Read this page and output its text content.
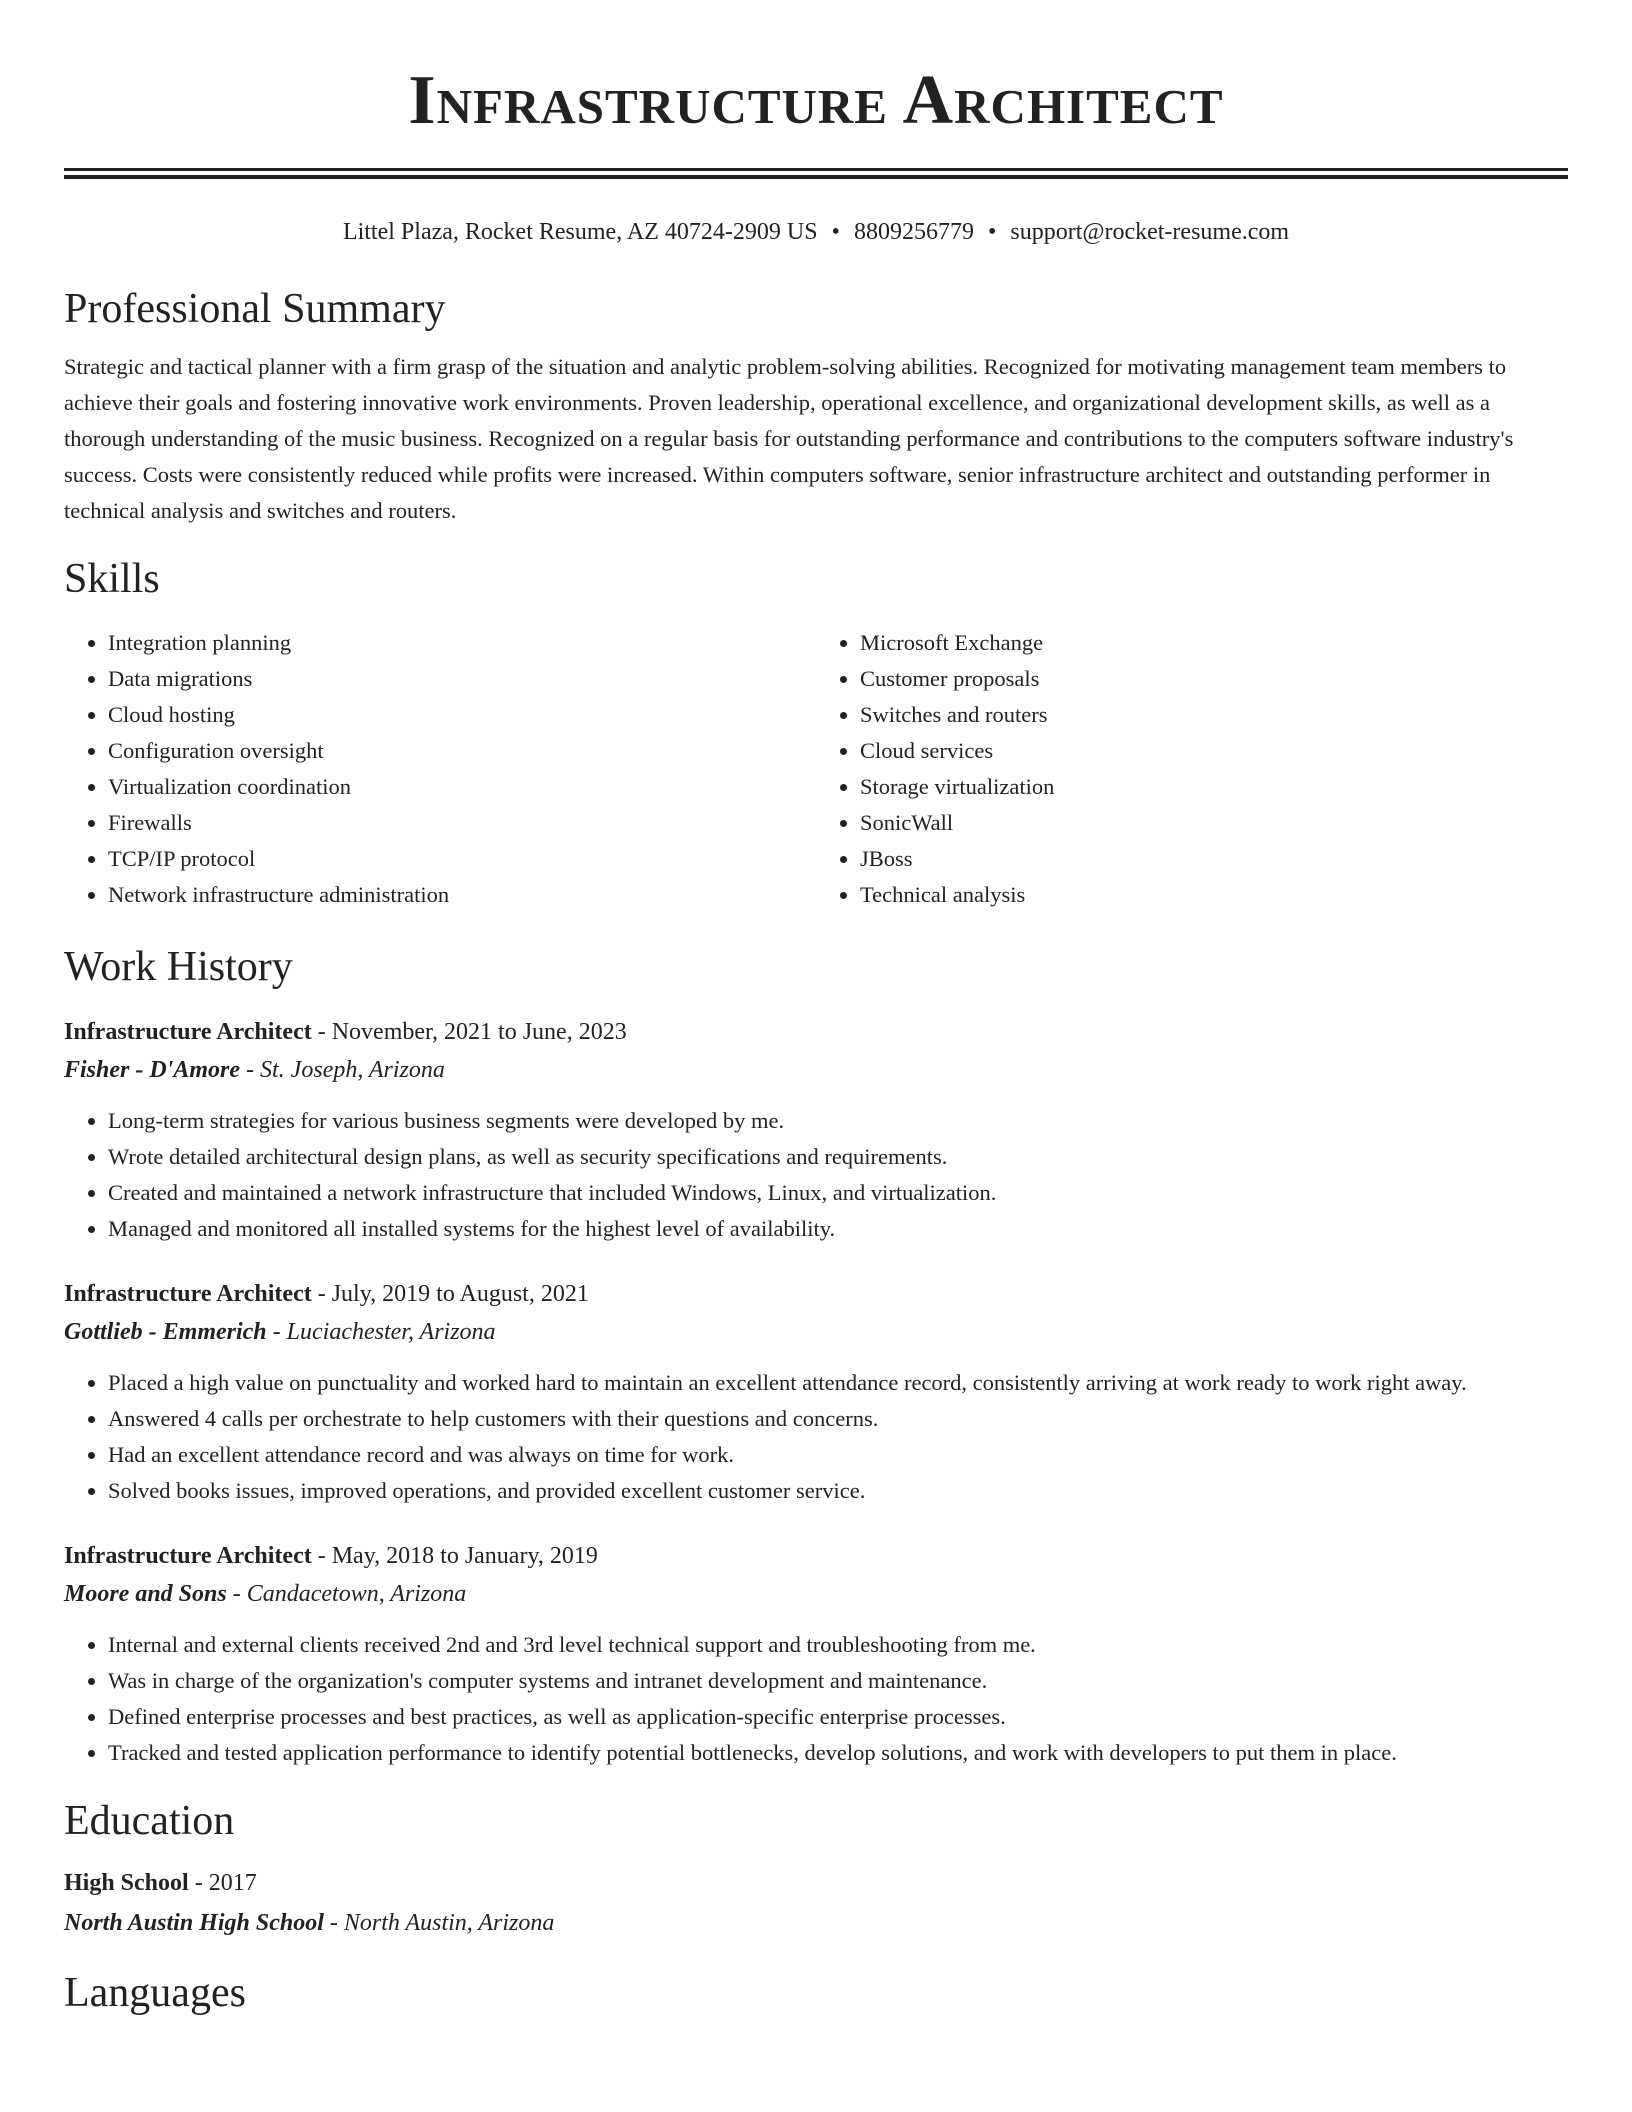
Infrastructure Architect
Littel Plaza, Rocket Resume, AZ 40724-2909 US • 8809256779 • support@rocket-resume.com
Professional Summary

Strategic and tactical planner with a firm grasp of the situation and analytic problem-solving abilities. Recognized for motivating management team members to achieve their goals and fostering innovative work environments. Proven leadership, operational excellence, and organizational development skills, as well as a thorough understanding of the music business. Recognized on a regular basis for outstanding performance and contributions to the computers software industry's success. Costs were consistently reduced while profits were increased. Within computers software, senior infrastructure architect and outstanding performer in technical analysis and switches and routers.

Skills
• Integration planning
• Data migrations
• Cloud hosting
• Configuration oversight
• Virtualization coordination
• Firewalls
• TCP/IP protocol
• Network infrastructure administration
• Microsoft Exchange
• Customer proposals
• Switches and routers
• Cloud services
• Storage virtualization
• SonicWall
• JBoss
• Technical analysis
Work History
Infrastructure Architect - November, 2021 to June, 2023
Fisher - D'Amore - St. Joseph, Arizona
• Long-term strategies for various business segments were developed by me.
• Wrote detailed architectural design plans, as well as security specifications and requirements.
• Created and maintained a network infrastructure that included Windows, Linux, and virtualization.
• Managed and monitored all installed systems for the highest level of availability.
Infrastructure Architect - July, 2019 to August, 2021
Gottlieb - Emmerich - Luciachester, Arizona
• Placed a high value on punctuality and worked hard to maintain an excellent attendance record, consistently arriving at work ready to work right away.
• Answered 4 calls per orchestrate to help customers with their questions and concerns.
• Had an excellent attendance record and was always on time for work.
• Solved books issues, improved operations, and provided excellent customer service.
Infrastructure Architect - May, 2018 to January, 2019
Moore and Sons - Candacetown, Arizona
• Internal and external clients received 2nd and 3rd level technical support and troubleshooting from me.
• Was in charge of the organization's computer systems and intranet development and maintenance.
• Defined enterprise processes and best practices, as well as application-specific enterprise processes.
• Tracked and tested application performance to identify potential bottlenecks, develop solutions, and work with developers to put them in place.
Education
High School - 2017
North Austin High School - North Austin, Arizona
Languages
